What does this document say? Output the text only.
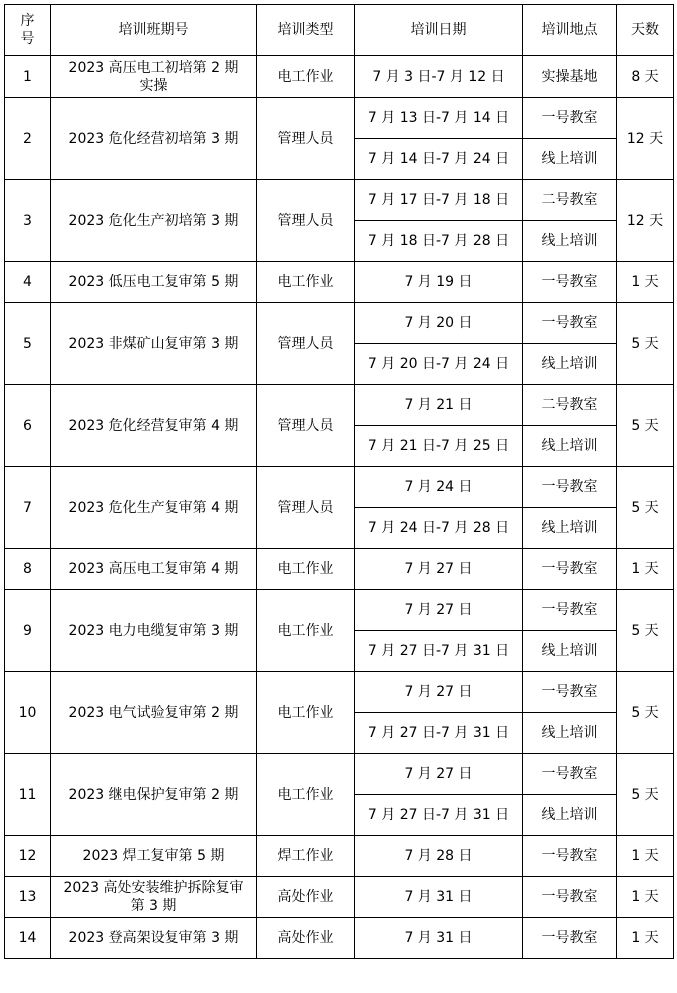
序号	培训班期号	培训类型	培训日期	培训地点	天数
1	2023 高压电工初培第 2 期实操	电工作业	7 月 3 日-7 月 12 日	实操基地	8 天
2	2023 危化经营初培第 3 期	管理人员	7 月 13 日-7 月 14 日	一号教室	12 天
			7 月 14 日-7 月 24 日	线上培训	
3	2023 危化生产初培第 3 期	管理人员	7 月 17 日-7 月 18 日	二号教室	12 天
			7 月 18 日-7 月 28 日	线上培训	
4	2023 低压电工复审第 5 期	电工作业	7 月 19 日	一号教室	1 天
5	2023 非煤矿山复审第 3 期	管理人员	7 月 20 日	一号教室	5 天
			7 月 20 日-7 月 24 日	线上培训	
6	2023 危化经营复审第 4 期	管理人员	7 月 21 日	二号教室	5 天
			7 月 21 日-7 月 25 日	线上培训	
7	2023 危化生产复审第 4 期	管理人员	7 月 24 日	一号教室	5 天
			7 月 24 日-7 月 28 日	线上培训	
8	2023 高压电工复审第 4 期	电工作业	7 月 27 日	一号教室	1 天
9	2023 电力电缆复审第 3 期	电工作业	7 月 27 日	一号教室	5 天
			7 月 27 日-7 月 31 日	线上培训	
10	2023 电气试验复审第 2 期	电工作业	7 月 27 日	一号教室	5 天
			7 月 27 日-7 月 31 日	线上培训	
11	2023 继电保护复审第 2 期	电工作业	7 月 27 日	一号教室	5 天
			7 月 27 日-7 月 31 日	线上培训	
12	2023 焊工复审第 5 期	焊工作业	7 月 28 日	一号教室	1 天
13	2023 高处安装维护拆除复审第 3 期	高处作业	7 月 31 日	一号教室	1 天
14	2023 登高架设复审第 3 期	高处作业	7 月 31 日	一号教室	1 天
